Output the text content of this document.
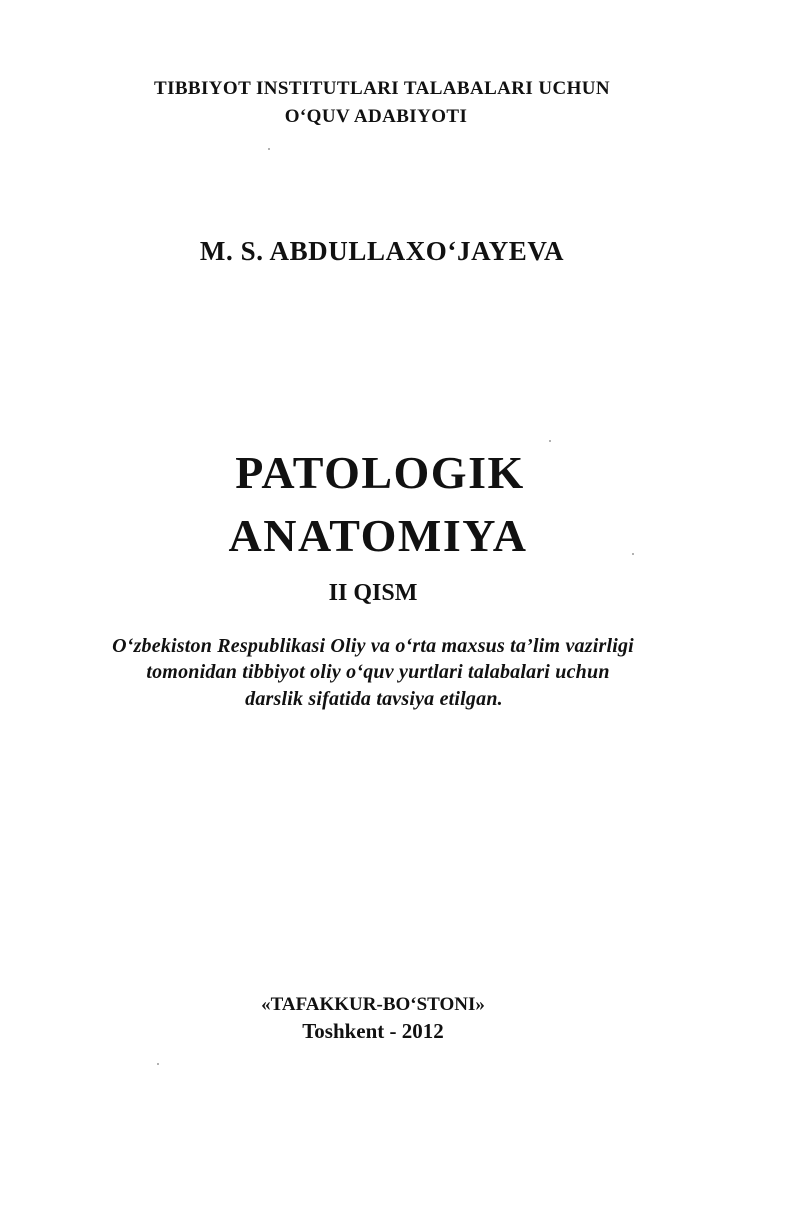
TIBBIYOT INSTITUTLARI TALABALARI UCHUN
O‘QUV ADABIYOTI
M. S. ABDULLAXO‘JAYEVA
PATOLOGIK
ANATOMIYA
II QISM
O‘zbekiston Respublikasi Oliy va o‘rta maxsus ta’lim vazirligi
tomonidan tibbiyot oliy o‘quv yurtlari talabalari uchun
darslik sifatida tavsiya etilgan.
«TAFAKKUR-BO‘STONI»
Toshkent - 2012
